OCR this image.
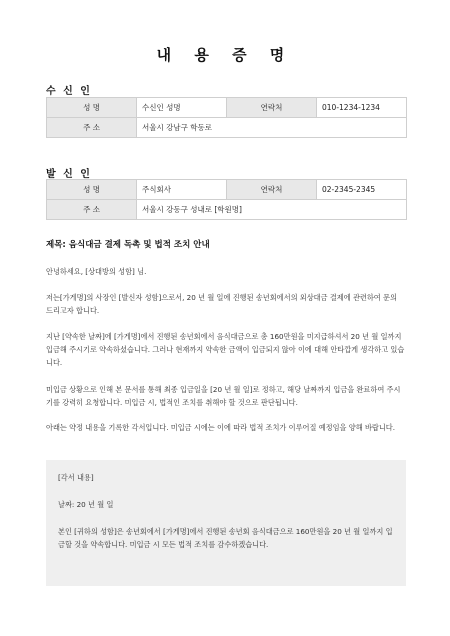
내 용 증 명
수 신 인
성 명	수신인 성명	연락처	010-1234-1234
주 소	서울시 강남구 학동로		
발 신 인
성 명	주식회사	연락처	02-2345-2345
주 소	서울시 강동구 성내로 [학원명]		
제목: 음식대금 결제 독촉 및 법적 조치 안내

안녕하세요, [상대방의 성함] 님.

저는[가게명]의 사장인 [발신자 성함]으로서, 20 년 월 일에 진행된 송년회에서의 외상대금 결제에 관련하여 문의 드리고자 합니다.

지난 [약속한 날짜]에 [가게명]에서 진행된 송년회에서 음식대금으로 총 160만원을 미지급하셔서 20 년 월 일까지 입금해 주시기로 약속하셨습니다. 그러나 현재까지 약속한 금액이 입금되지 않아 이에 대해 안타깝게 생각하고 있습니다.

미입금 상황으로 인해 본 문서를 통해 최종 입금일을 [20 년 월 일]로 정하고, 해당 날짜까지 입금을 완료하여 주시기를 강력히 요청합니다. 미입금 시, 법적인 조치를 취해야 할 것으로 판단됩니다.

아래는 약정 내용을 기록한 각서입니다. 미입금 시에는 이에 따라 법적 조치가 이루어질 예정임을 양해 바랍니다.

[각서 내용]

날짜: 20 년 월 일

본인 [귀하의 성함]은 송년회에서 [가게명]에서 진행된 송년회 음식대금으로 160만원을 20 년 월 일까지 입금할 것을 약속합니다. 미입금 시 모든 법적 조치를 감수하겠습니다.
